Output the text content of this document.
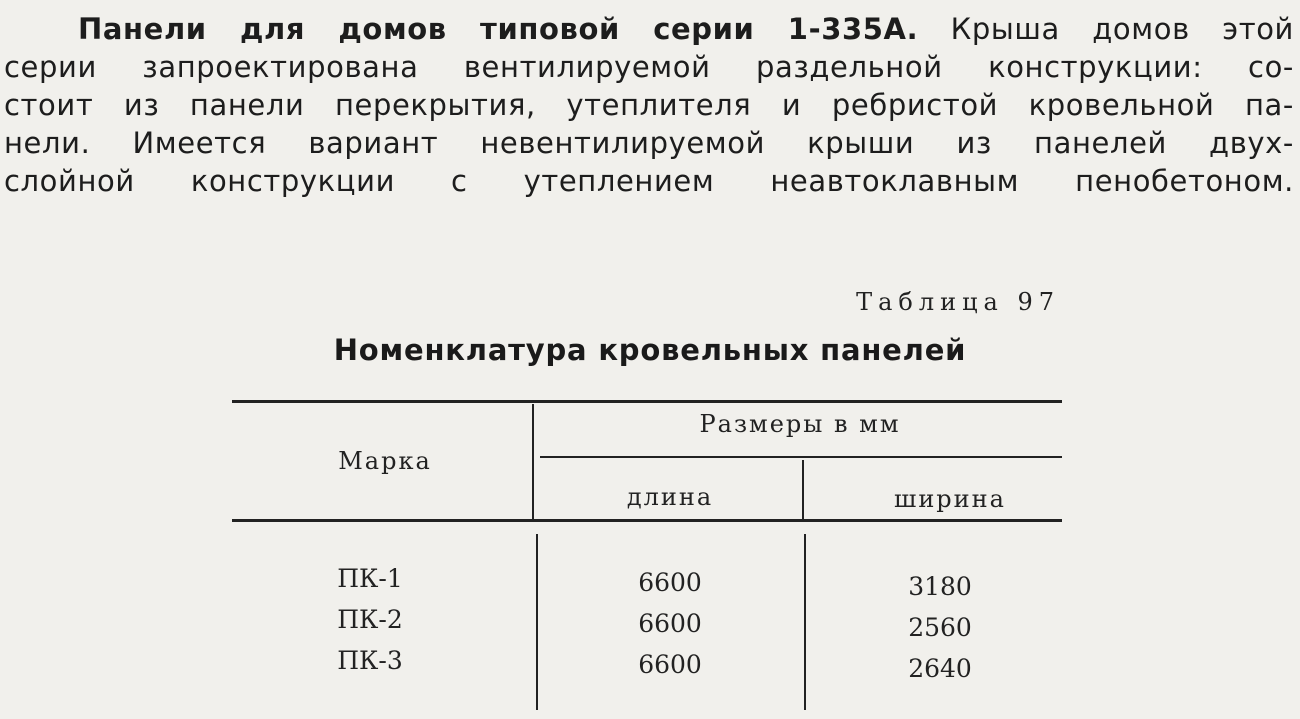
Панели для домов типовой серии 1-335А. Крыша домов этой
серии запроектирована вентилируемой раздельной конструкции: со-
стоит из панели перекрытия, утеплителя и ребристой кровельной па-
нели. Имеется вариант невентилируемой крыши из панелей двух-
слойной конструкции с утеплением неавтоклавным пенобетоном.
Таблица 97
Номенклатура кровельных панелей
Марка
Размеры в мм
длина	ширина
ПК-1	6600	3180
ПК-2	6600	2560
ПК-3	6600	2640
